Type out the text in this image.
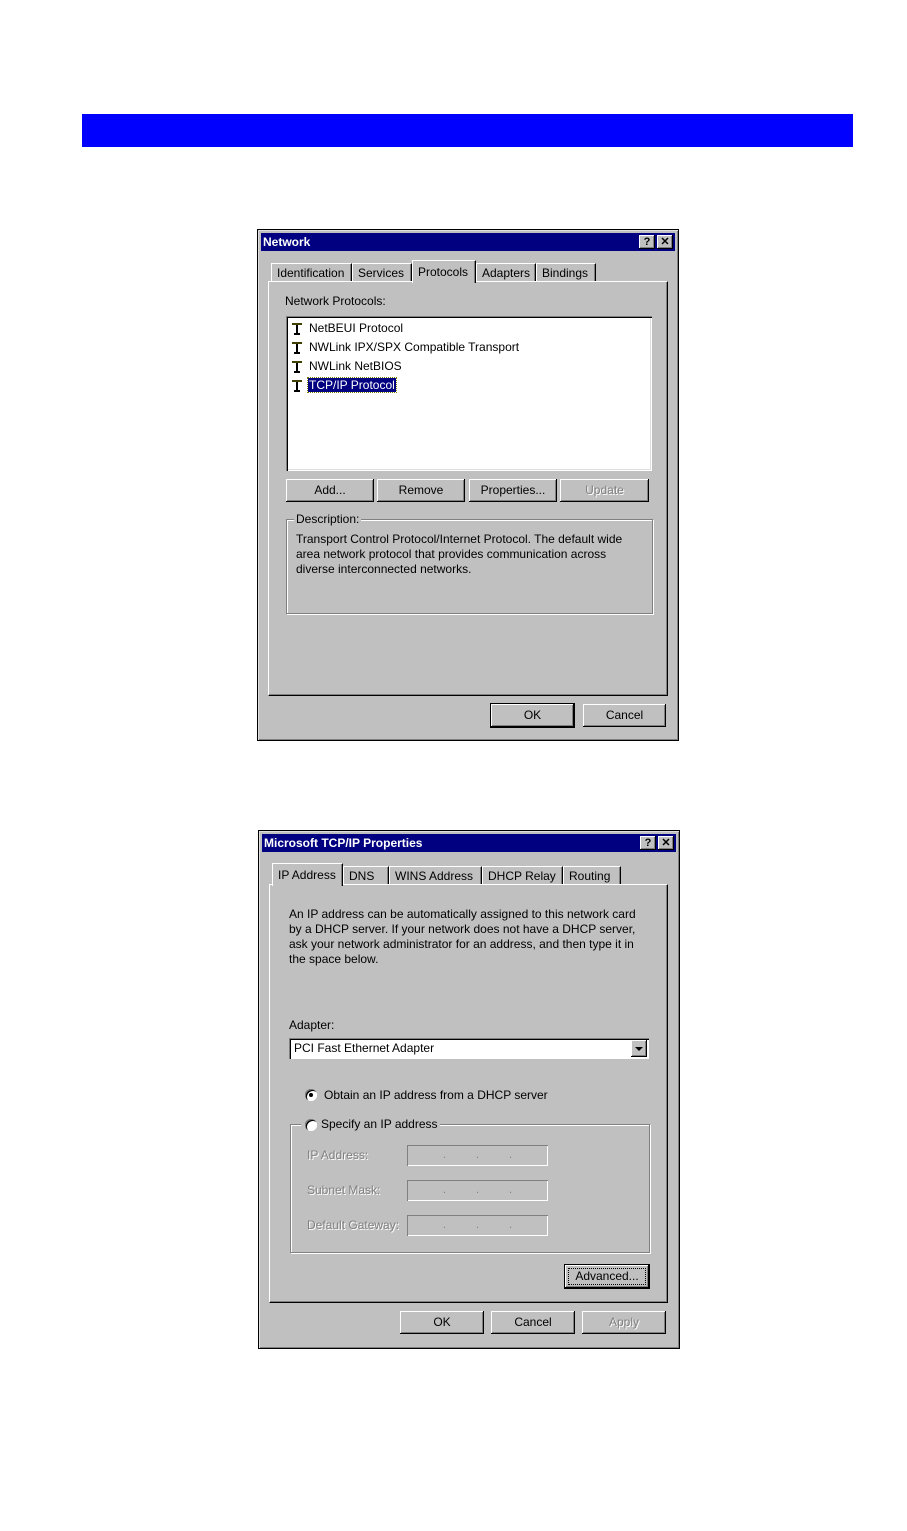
Network	? ✕
Identification	Services	Protocols	Adapters Bindings
Network Protocols:
NetBEUI Protocol
NWLink IPX/SPX Compatible Transport
NWLink NetBIOS
TCP/IP Protocol
Add...	Remove	Properties...	Update
Description:
Transport Control Protocol/Internet Protocol. The default wide area network protocol that provides communication across diverse interconnected networks.
OK	Cancel
Microsoft TCP/IP Properties	? ✕
IP Address	DNS	WINS Address	DHCP Relay	Routing
An IP address can be automatically assigned to this network card by a DHCP server. If your network does not have a DHCP server, ask your network administrator for an address, and then type it in the space below.
Adapter:
PCI Fast Ethernet Adapter
Obtain an IP address from a DHCP server
Specify an IP address
IP Address:	...
Subnet Mask:	...
Default Gateway:	...
Advanced...
OK	Cancel	Apply
